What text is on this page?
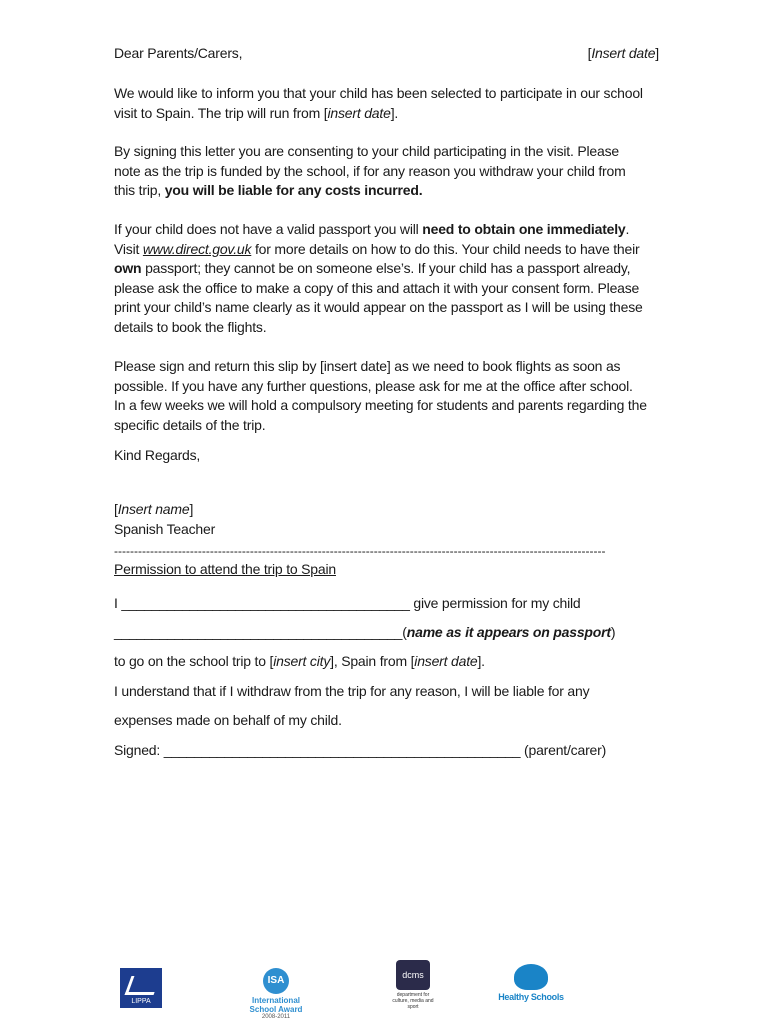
Dear Parents/Carers,	[Insert date]

We would like to inform you that your child has been selected to participate in our school
visit to Spain. The trip will run from [insert date].

By signing this letter you are consenting to your child participating in the visit. Please
note as the trip is funded by the school, if for any reason you withdraw your child from
this trip, you will be liable for any costs incurred.

If your child does not have a valid passport you will need to obtain one immediately.
Visit www.direct.gov.uk for more details on how to do this. Your child needs to have their
own passport; they cannot be on someone else’s. If your child has a passport already,
please ask the office to make a copy of this and attach it with your consent form. Please
print your child’s name clearly as it would appear on the passport as I will be using these
details to book the flights.

Please sign and return this slip by [insert date] as we need to book flights as soon as
possible. If you have any further questions, please ask for me at the office after school.
In a few weeks we will hold a compulsory meeting for students and parents regarding the
specific details of the trip.

Kind Regards,

[Insert name]
Spanish Teacher

---------------------------------------------------------------------------------------------------------------------------

Permission to attend the trip to Spain

I ______________________________________ give permission for my child

______________________________________(name as it appears on passport)

to go on the school trip to [insert city], Spain from [insert date].

I understand that if I withdraw from the trip for any reason, I will be liable for any

expenses made on behalf of my child.

Signed: _______________________________________________ (parent/carer)

LIPPA
ISA
International School Award
2008-2011
dcms
department for culture, media and sport
Healthy Schools
